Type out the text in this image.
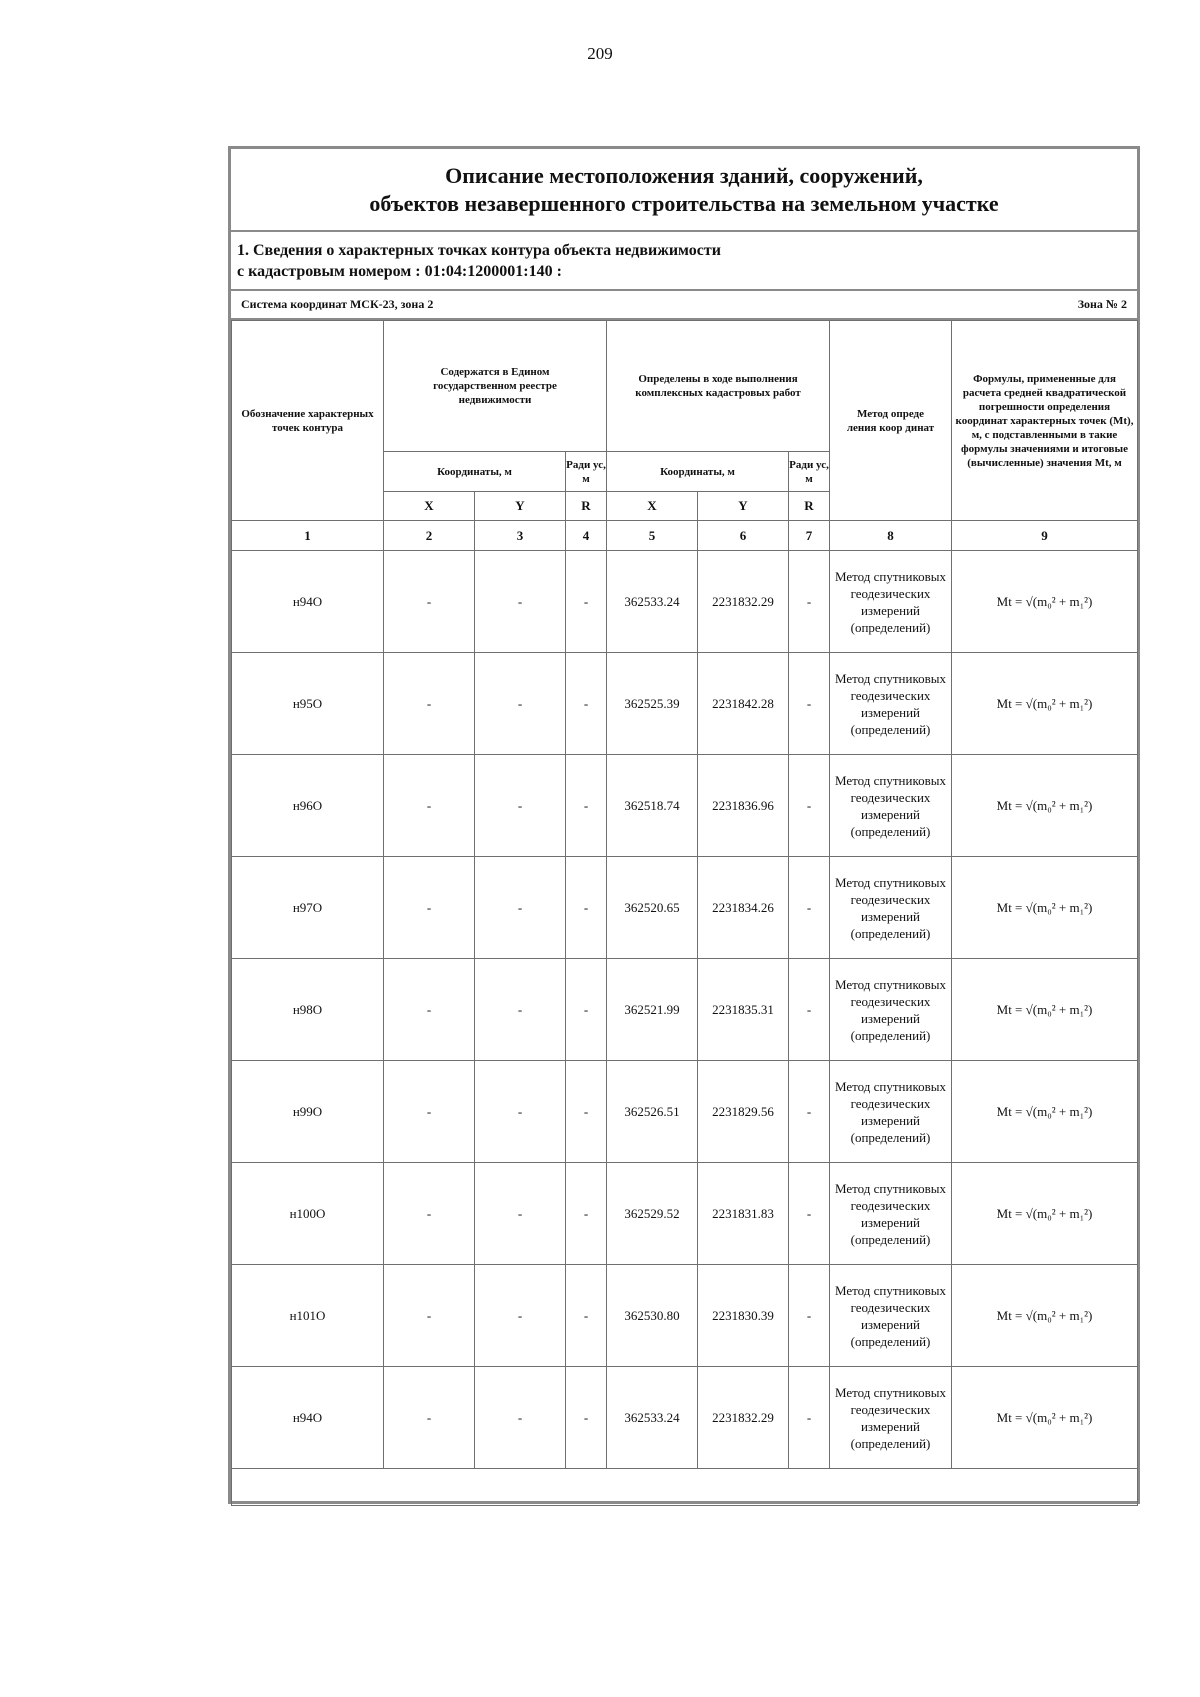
209
Описание местоположения зданий, сооружений,
объектов незавершенного строительства на земельном участке
1. Сведения о характерных точках контура объекта недвижимости
с кадастровым номером : 01:04:1200001:140 :
Система координат МСК-23, зона 2	Зона № 2
Обозначение характерных точек контура	Содержатся в Едином государственном реестре недвижимости			Определены в ходе выполнения комплексных кадастровых работ			Метод опреде ления коор динат	Формулы, примененные для расчета средней квадратической погрешности определения координат характерных точек (Mt), м, с подставленными в такие формулы значениями и итоговые (вычисленные) значения Mt, м
	Координаты, м		Ради ус, м	Координаты, м		Ради ус, м		
	X	Y	R	X	Y	R		
1	2	3	4	5	6	7	8	9
н94О	-	-	-	362533.24	2231832.29	-	Метод спутниковых геодезических измерений (определений)	Mt = √(m₀² + m₁²)
н95О	-	-	-	362525.39	2231842.28	-	Метод спутниковых геодезических измерений (определений)	Mt = √(m₀² + m₁²)
н96О	-	-	-	362518.74	2231836.96	-	Метод спутниковых геодезических измерений (определений)	Mt = √(m₀² + m₁²)
н97О	-	-	-	362520.65	2231834.26	-	Метод спутниковых геодезических измерений (определений)	Mt = √(m₀² + m₁²)
н98О	-	-	-	362521.99	2231835.31	-	Метод спутниковых геодезических измерений (определений)	Mt = √(m₀² + m₁²)
н99О	-	-	-	362526.51	2231829.56	-	Метод спутниковых геодезических измерений (определений)	Mt = √(m₀² + m₁²)
н100О	-	-	-	362529.52	2231831.83	-	Метод спутниковых геодезических измерений (определений)	Mt = √(m₀² + m₁²)
н101О	-	-	-	362530.80	2231830.39	-	Метод спутниковых геодезических измерений (определений)	Mt = √(m₀² + m₁²)
н94О	-	-	-	362533.24	2231832.29	-	Метод спутниковых геодезических измерений (определений)	Mt = √(m₀² + m₁²)
